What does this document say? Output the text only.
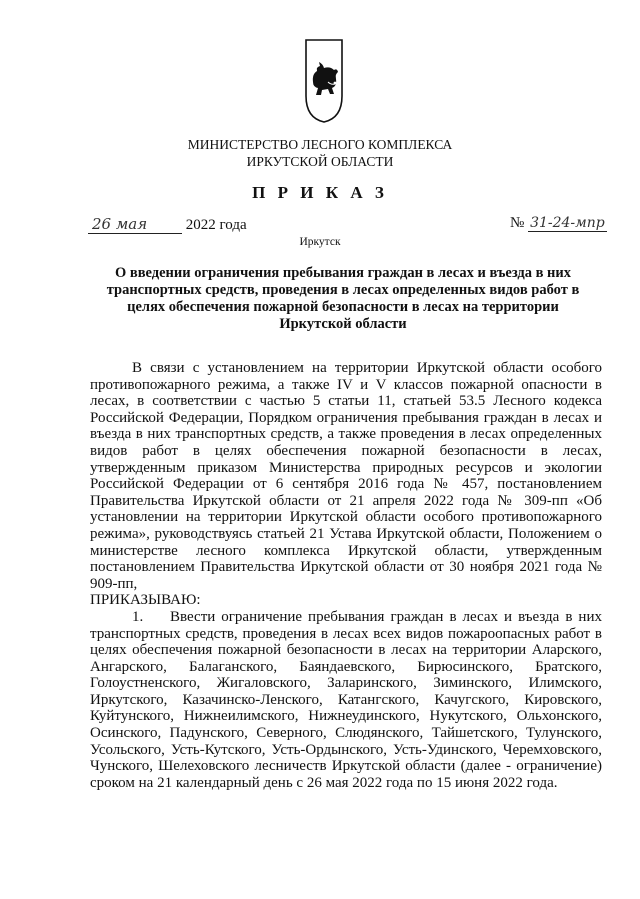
МИНИСТЕРСТВО ЛЕСНОГО КОМПЛЕКСА
ИРКУТСКОЙ ОБЛАСТИ
П Р И К А З
26 мая	2022 года	№ 31-24-мпр
Иркутск
О введении ограничения пребывания граждан в лесах и въезда в них транспортных средств, проведения в лесах определенных видов работ в целях обеспечения пожарной безопасности в лесах на территории Иркутской области

В связи с установлением на территории Иркутской области особого противопожарного режима, а также IV и V классов пожарной опасности в лесах, в соответствии с частью 5 статьи 11, статьей 53.5 Лесного кодекса Российской Федерации, Порядком ограничения пребывания граждан в лесах и въезда в них транспортных средств, а также проведения в лесах определенных видов работ в целях обеспечения пожарной безопасности в лесах, утвержденным приказом Министерства природных ресурсов и экологии Российской Федерации от 6 сентября 2016 года № 457, постановлением Правительства Иркутской области от 21 апреля 2022 года № 309-пп «Об установлении на территории Иркутской области особого противопожарного режима», руководствуясь статьей 21 Устава Иркутской области, Положением о министерстве лесного комплекса Иркутской области, утвержденным постановлением Правительства Иркутской области от 30 ноября 2021 года № 909-пп,

ПРИКАЗЫВАЮ:

1. Ввести ограничение пребывания граждан в лесах и въезда в них транспортных средств, проведения в лесах всех видов пожароопасных работ в целях обеспечения пожарной безопасности в лесах на территории Аларского, Ангарского, Балаганского, Баяндаевского, Бирюсинского, Братского, Голоустненского, Жигаловского, Заларинского, Зиминского, Илимского, Иркутского, Казачинско-Ленского, Катангского, Качугского, Кировского, Куйтунского, Нижнеилимского, Нижнеудинского, Нукутского, Ольхонского, Осинского, Падунского, Северного, Слюдянского, Тайшетского, Тулунского, Усольского, Усть-Кутского, Усть-Ордынского, Усть-Удинского, Черемховского, Чунского, Шелеховского лесничеств Иркутской области (далее - ограничение) сроком на 21 календарный день с 26 мая 2022 года по 15 июня 2022 года.
